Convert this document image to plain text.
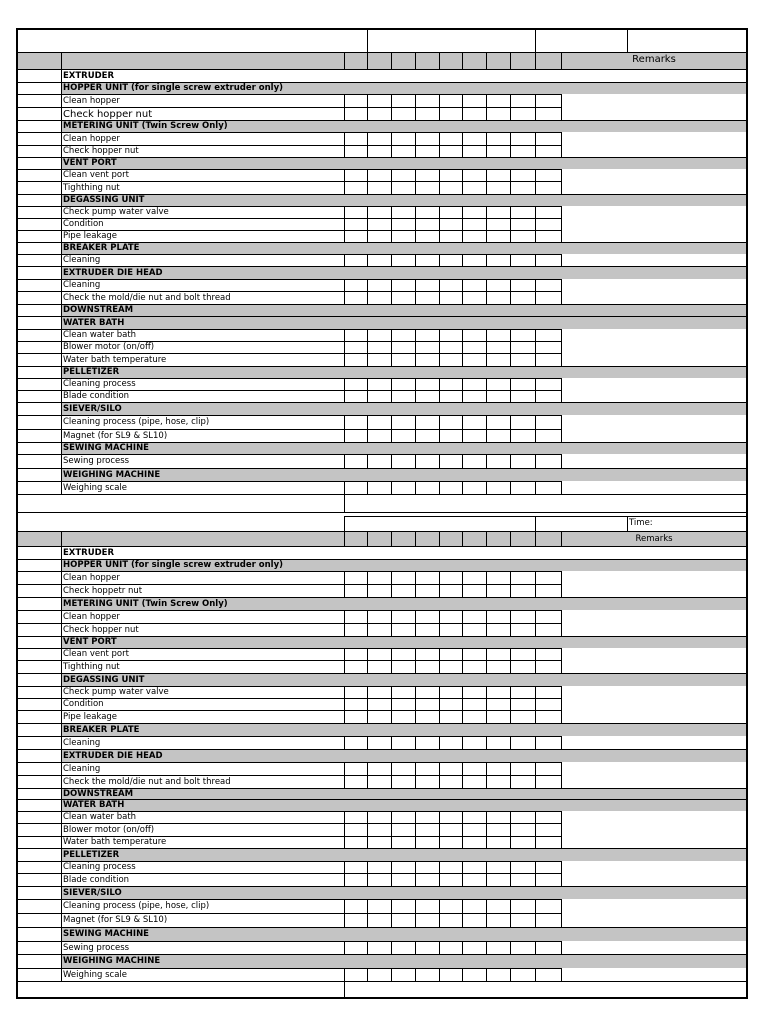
Remarks
Time:
Remarks
EXTRUDER
HOPPER UNIT (for single screw extruder only)
Clean hopper
Check hopper nut
METERING UNIT (Twin Screw Only)
Clean hopper
Check hopper nut
VENT PORT
Clean vent port
Tighthing nut
DEGASSING UNIT
Check pump water valve
Condition
Pipe leakage
BREAKER PLATE
Cleaning
EXTRUDER DIE HEAD
Cleaning
Check the mold/die nut and bolt thread
DOWNSTREAM
WATER BATH
Clean water bath
Blower motor (on/off)
Water bath temperature
PELLETIZER
Cleaning process
Blade condition
SIEVER/SILO
Cleaning process (pipe, hose, clip)
Magnet (for SL9 & SL10)
SEWING MACHINE
Sewing process
WEIGHING MACHINE
Weighing scale
EXTRUDER
HOPPER UNIT (for single screw extruder only)
Clean hopper
Check hoppetr nut
METERING UNIT (Twin Screw Only)
Clean hopper
Check hopper nut
VENT PORT
Clean vent port
Tighthing nut
DEGASSING UNIT
Check pump water valve
Condition
Pipe leakage
BREAKER PLATE
Cleaning
EXTRUDER DIE HEAD
Cleaning
Check the mold/die nut and bolt thread
DOWNSTREAM
WATER BATH
Clean water bath
Blower motor (on/off)
Water bath temperature
PELLETIZER
Cleaning process
Blade condition
SIEVER/SILO
Cleaning process (pipe, hose, clip)
Magnet (for SL9 & SL10)
SEWING MACHINE
Sewing process
WEIGHING MACHINE
Weighing scale
